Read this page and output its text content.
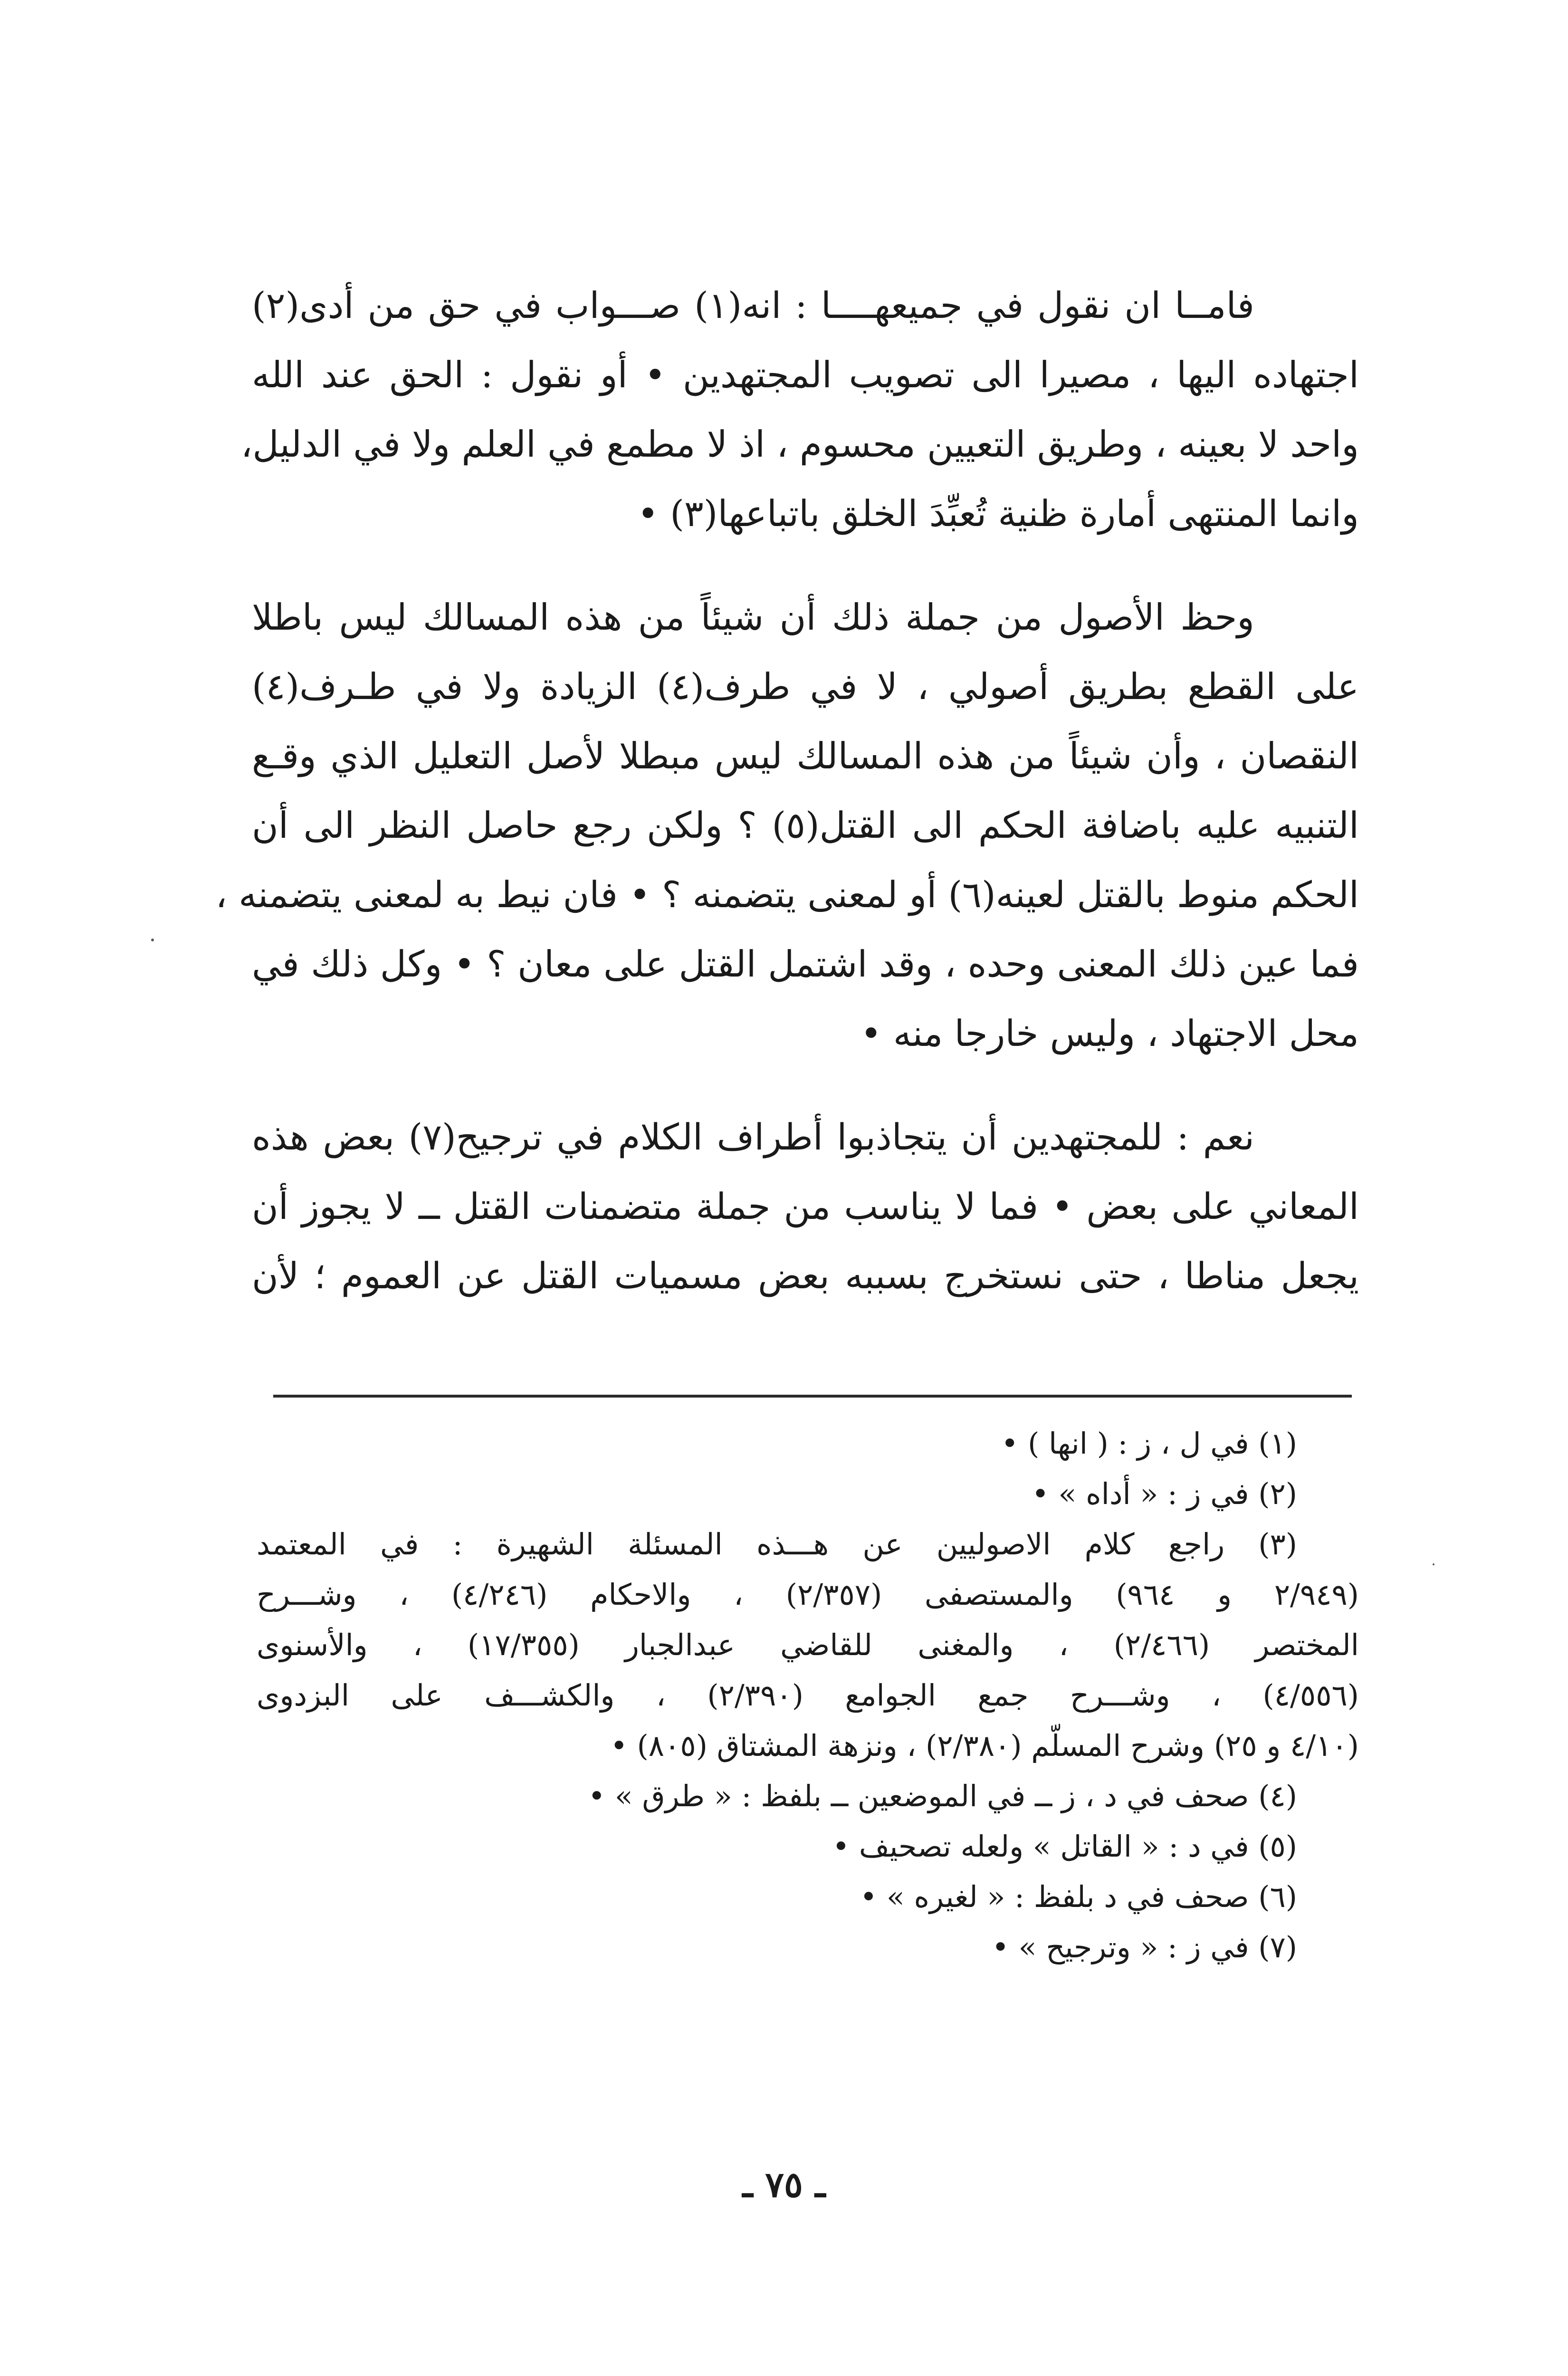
فامــا ان نقول في جميعهــــا : انه(١) صـــواب في حق من أدى(٢)
اجتهاده اليها ، مصيرا الى تصويب المجتهدين • أو نقول : الحق عند الله
واحد لا بعينه ، وطريق التعيين محسوم ، اذ لا مطمع في العلم ولا في الدليل،
وانما المنتهى أمارة ظنية تُعبِّدَ الخلق باتباعها(٣) •

وحظ الأصول من جملة ذلك أن شيئاً من هذه المسالك ليس باطلا
على القطع بطريق أصولي ، لا في طرف(٤) الزيادة ولا في طـرف(٤)
النقصان ، وأن شيئاً من هذه المسالك ليس مبطلا لأصل التعليل الذي وقـع
التنبيه عليه باضافة الحكم الى القتل(٥) ؟ ولكن رجع حاصل النظر الى أن
الحكم منوط بالقتل لعينه(٦) أو لمعنى يتضمنه ؟ • فان نيط به لمعنى يتضمنه ،
فما عين ذلك المعنى وحده ، وقد اشتمل القتل على معان ؟ • وكل ذلك في
محل الاجتهاد ، وليس خارجا منه •

نعم : للمجتهدين أن يتجاذبوا أطراف الكلام في ترجيح(٧) بعض هذه
المعاني على بعض • فما لا يناسب من جملة متضمنات القتل ــ لا يجوز أن
يجعل مناطا ، حتى نستخرج بسببه بعض مسميات القتل عن العموم ؛ لأن

(١) في ل ، ز : ( انها ) •
(٢) في ز : « أداه » •
(٣) راجع كلام الاصوليين عن هـــذه المسئلة الشهيرة : في المعتمد
(٢/٩٤٩ و ٩٦٤) والمستصفى (٢/٣٥٧) ، والاحكام (٤/٢٤٦) ، وشـــرح
المختصر (٢/٤٦٦) ، والمغنى للقاضي عبدالجبار (١٧/٣٥٥) ، والأسنوى
(٤/٥٥٦) ، وشـــرح جمع الجوامع (٢/٣٩٠) ، والكشـــف على البزدوى
(٤/١٠ و ٢٥) وشرح المسلّم (٢/٣٨٠) ، ونزهة المشتاق (٨٠٥) •
(٤) صحف في د ، ز ــ في الموضعين ــ بلفظ : « طرق » •
(٥) في د : « القاتل » ولعله تصحيف •
(٦) صحف في د بلفظ : « لغيره » •
(٧) في ز : « وترجيح » •
ـ ٧٥ ـ
